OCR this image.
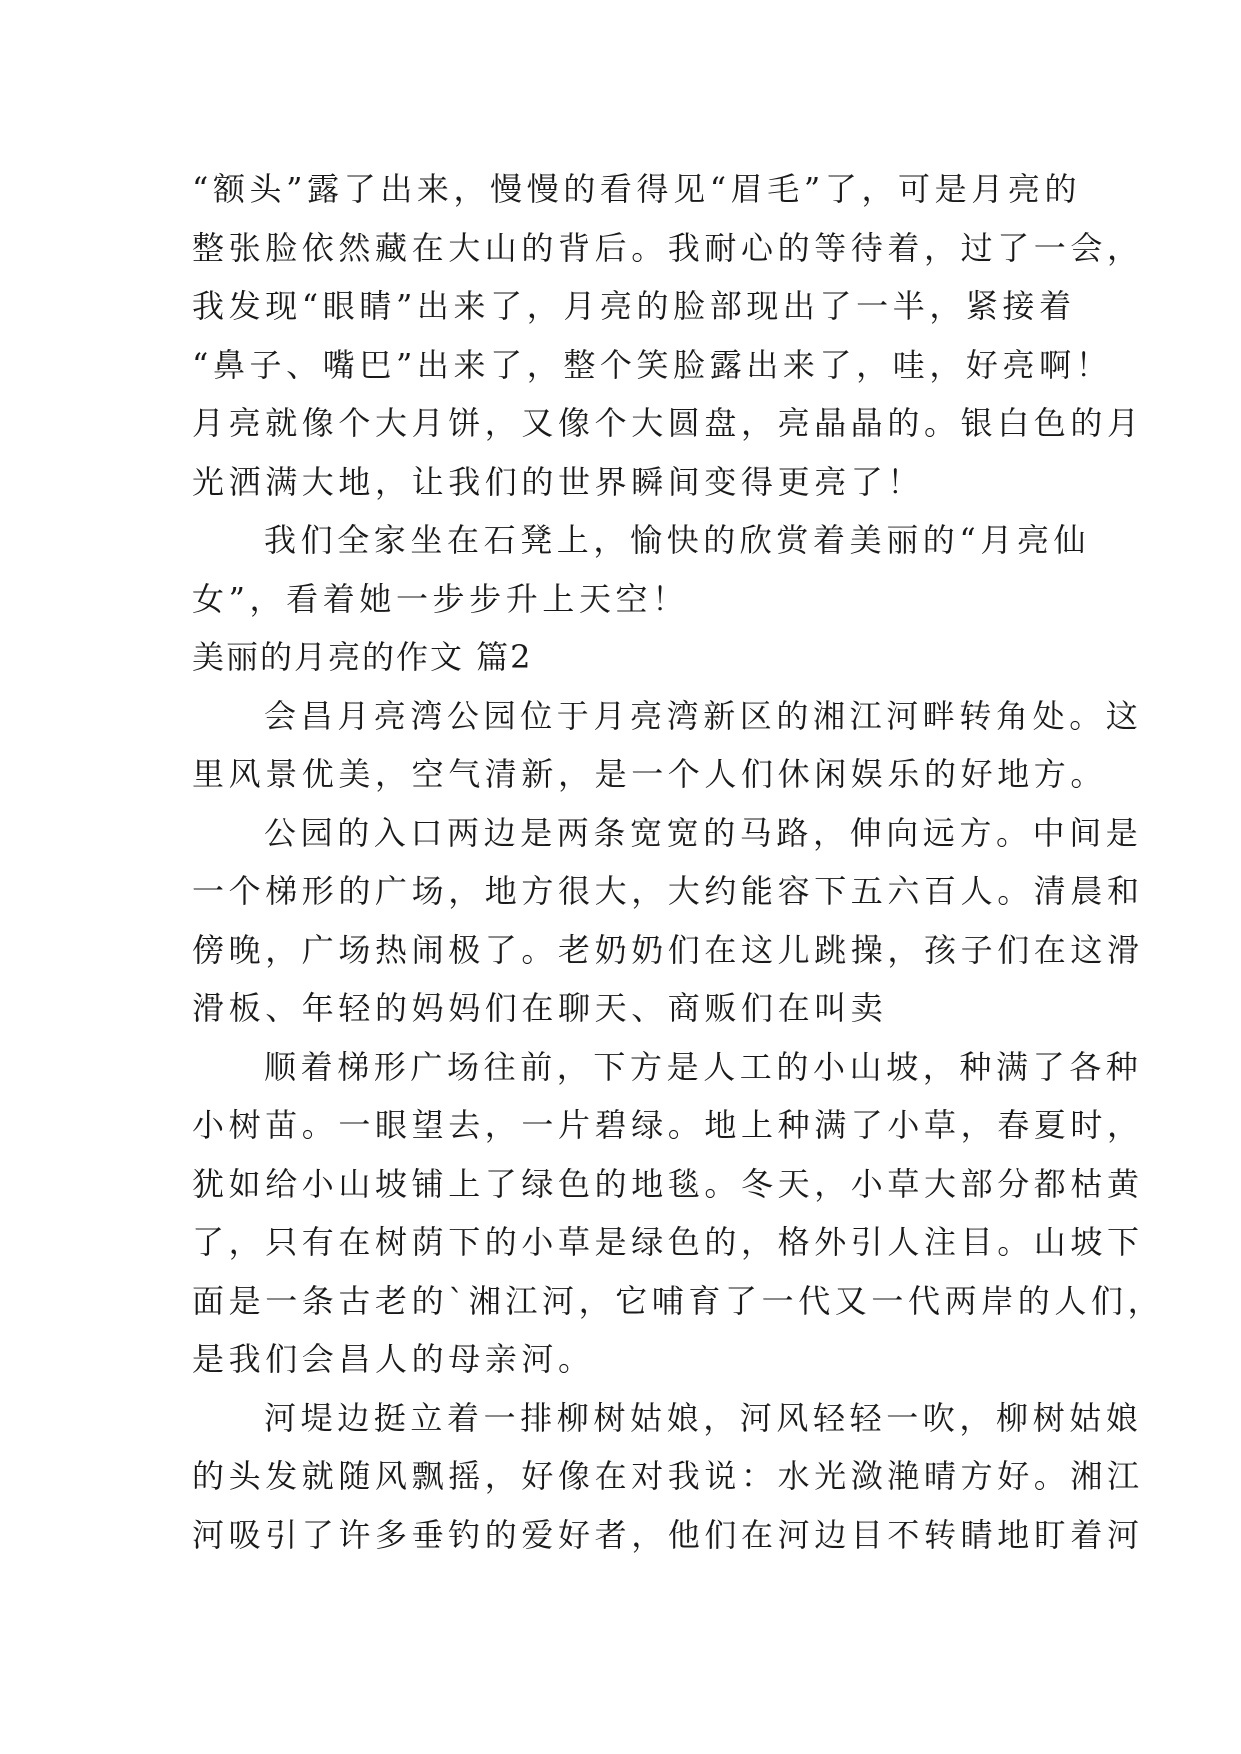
“额头”露了出来，慢慢的看得见“眉毛”了，可是月亮的
整张脸依然藏在大山的背后。我耐心的等待着，过了一会，
我发现“眼睛”出来了，月亮的脸部现出了一半，紧接着
“鼻子、嘴巴”出来了，整个笑脸露出来了，哇，好亮啊！
月亮就像个大月饼，又像个大圆盘，亮晶晶的。银白色的月
光洒满大地，让我们的世界瞬间变得更亮了！
我们全家坐在石凳上，愉快的欣赏着美丽的“月亮仙
女”，看着她一步步升上天空！
美丽的月亮的作文 篇2
会昌月亮湾公园位于月亮湾新区的湘江河畔转角处。这
里风景优美，空气清新，是一个人们休闲娱乐的好地方。
公园的入口两边是两条宽宽的马路，伸向远方。中间是
一个梯形的广场，地方很大，大约能容下五六百人。清晨和
傍晚，广场热闹极了。老奶奶们在这儿跳操，孩子们在这滑
滑板、年轻的妈妈们在聊天、商贩们在叫卖
顺着梯形广场往前，下方是人工的小山坡，种满了各种
小树苗。一眼望去，一片碧绿。地上种满了小草，春夏时，
犹如给小山坡铺上了绿色的地毯。冬天，小草大部分都枯黄
了，只有在树荫下的小草是绿色的，格外引人注目。山坡下
面是一条古老的`湘江河，它哺育了一代又一代两岸的人们，
是我们会昌人的母亲河。
河堤边挺立着一排柳树姑娘，河风轻轻一吹，柳树姑娘
的头发就随风飘摇，好像在对我说：水光潋滟晴方好。湘江
河吸引了许多垂钓的爱好者，他们在河边目不转睛地盯着河
